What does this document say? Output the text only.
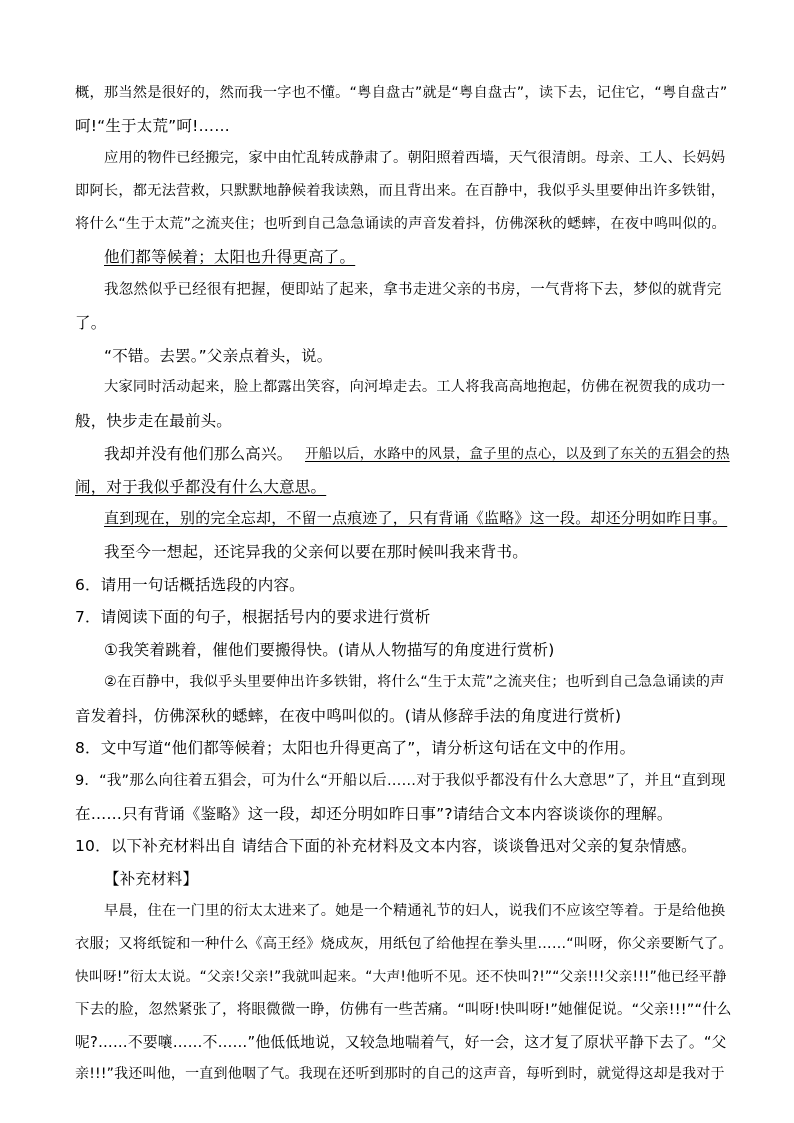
概，那当然是很好的，然而我一字也不懂。“粤自盘古”就是“粤自盘古”，读下去，记住它，“粤自盘古”
呵!“生于太荒”呵!……
应用的物件已经搬完，家中由忙乱转成静肃了。朝阳照着西墙，天气很清朗。母亲、工人、长妈妈
即阿长，都无法营救，只默默地静候着我读熟，而且背出来。在百静中，我似乎头里要伸出许多铁钳，
将什么“生于太荒”之流夹住；也听到自己急急诵读的声音发着抖，仿佛深秋的蟋蟀，在夜中鸣叫似的。
他们都等候着；太阳也升得更高了。
我忽然似乎已经很有把握，便即站了起来，拿书走进父亲的书房，一气背将下去，梦似的就背完
了。
“不错。去罢。”父亲点着头，说。
大家同时活动起来，脸上都露出笑容，向河埠走去。工人将我高高地抱起，仿佛在祝贺我的成功一
般，快步走在最前头。
我却并没有他们那么高兴。 开船以后，水路中的风景，盒子里的点心，以及到了东关的五猖会的热
闹，对于我似乎都没有什么大意思。
直到现在，别的完全忘却，不留一点痕迹了，只有背诵《监略》这一段。却还分明如昨日事。
我至今一想起，还诧异我的父亲何以要在那时候叫我来背书。
6．请用一句话概括选段的内容。
7．请阅读下面的句子，根据括号内的要求进行赏析
①我笑着跳着，催他们要搬得快。(请从人物描写的角度进行赏析)
②在百静中，我似乎头里要伸出许多铁钳，将什么“生于太荒”之流夹住；也听到自己急急诵读的声
音发着抖，仿佛深秋的蟋蟀，在夜中鸣叫似的。(请从修辞手法的角度进行赏析)
8．文中写道“他们都等候着；太阳也升得更高了”，请分析这句话在文中的作用。
9．“我”那么向往着五猖会，可为什么“开船以后……对于我似乎都没有什么大意思”了，并且“直到现
在……只有背诵《鉴略》这一段，却还分明如昨日事”?请结合文本内容谈谈你的理解。
10．以下补充材料出自 请结合下面的补充材料及文本内容，谈谈鲁迅对父亲的复杂情感。
【补充材料】
早晨，住在一门里的衍太太进来了。她是一个精通礼节的妇人，说我们不应该空等着。于是给他换
衣服；又将纸锭和一种什么《高王经》烧成灰，用纸包了给他捏在拳头里……“叫呀，你父亲要断气了。
快叫呀!”衍太太说。“父亲!父亲!”我就叫起来。“大声!他听不见。还不快叫?!”“父亲!!!父亲!!!”他已经平静
下去的脸，忽然紧张了，将眼微微一睁，仿佛有一些苦痛。“叫呀!快叫呀!”她催促说。“父亲!!!”“什么
呢?……不要嚷……不……”他低低地说，又较急地喘着气，好一会，这才复了原状平静下去了。“父
亲!!!”我还叫他，一直到他咽了气。我现在还听到那时的自己的这声音，每听到时，就觉得这却是我对于
